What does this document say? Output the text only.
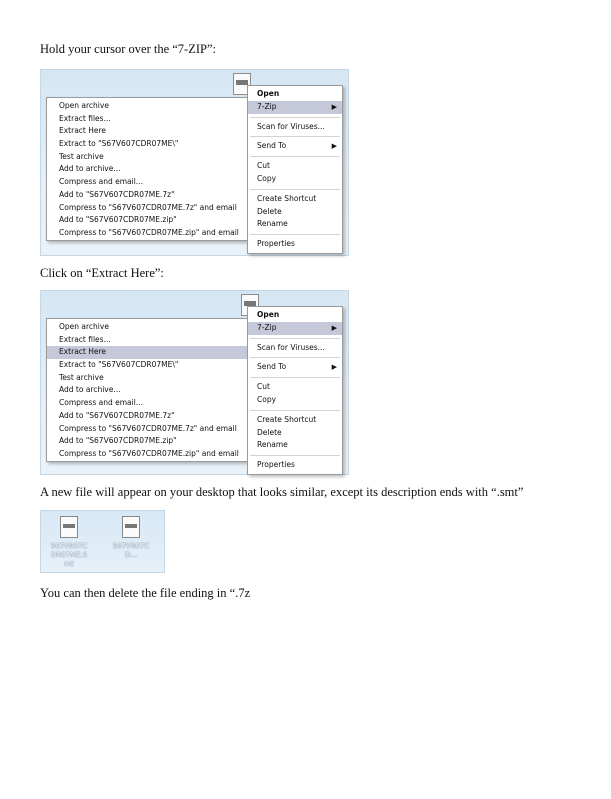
Hold your cursor over the “7-ZIP”:
Open archive
Extract files...
Extract Here
Extract to "S67V607CDR07ME\"
Test archive
Add to archive...
Compress and email...
Add to "S67V607CDR07ME.7z"
Compress to "S67V607CDR07ME.7z" and email
Add to "S67V607CDR07ME.zip"
Compress to "S67V607CDR07ME.zip" and email
Open
7-Zip	▶
Scan for Viruses...
Send To	▶
Cut
Copy
Create Shortcut
Delete
Rename
Properties
Click on “Extract Here”:
Open archive
Extract files...
Extract Here
Extract to "S67V607CDR07ME\"
Test archive
Add to archive...
Compress and email...
Add to "S67V607CDR07ME.7z"
Compress to "S67V607CDR07ME.7z" and email
Add to "S67V607CDR07ME.zip"
Compress to "S67V607CDR07ME.zip" and email
Open
7-Zip	▶
Scan for Viruses...
Send To	▶
Cut
Copy
Create Shortcut
Delete
Rename
Properties
A new file will appear on your desktop that looks similar, except its description ends with “.smt”
S67V607CDR07ME.Smt
S67V607CD...
You can then delete the file ending in “.7z
